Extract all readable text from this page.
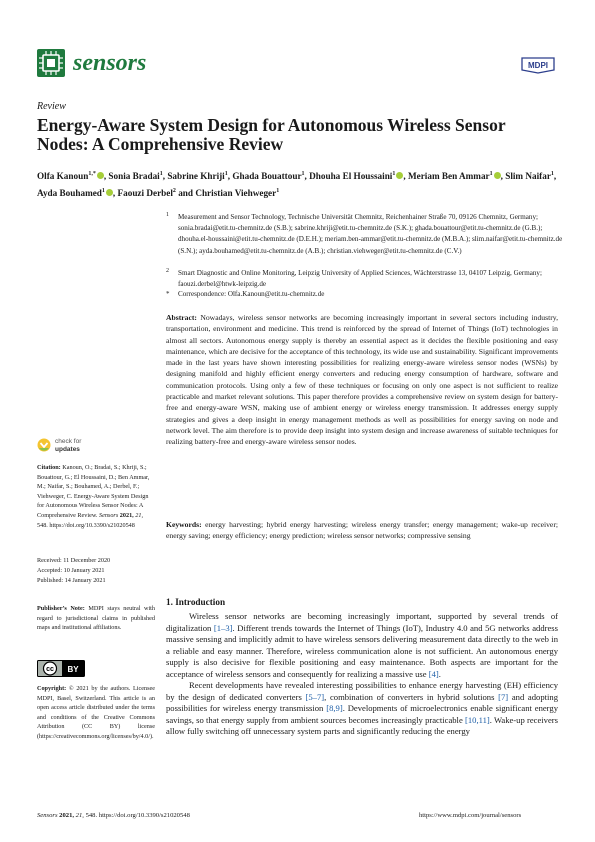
sensors	MDPI
Review
Energy-Aware System Design for Autonomous Wireless Sensor Nodes: A Comprehensive Review
Olfa Kanoun$^{1,*}$ , Sonia Bradai$^1$, Sabrine Khriji$^1$, Ghada Bouattour$^1$, Dhouha El Houssaini$^1$ , Meriam Ben Ammar$^1$ , Slim Naifar$^1$, Ayda Bouhamed$^1$ , Faouzi Derbel$^2$ and Christian Viehweger$^1$
1 Measurement and Sensor Technology, Technische Universität Chemnitz, Reichenhainer Straße 70, 09126 Chemnitz, Germany; sonia.bradai@etit.tu-chemnitz.de (S.B.); sabrine.khriji@etit.tu-chemnitz.de (S.K.); ghada.bouattour@etit.tu-chemnitz.de (G.B.); dhouha.el-houssaini@etit.tu-chemnitz.de (D.E.H.); meriam.ben-ammar@etit.tu-chemnitz.de (M.B.A.); slim.naifar@etit.tu-chemnitz.de (S.N.); ayda.bouhamed@etit.tu-chemnitz.de (A.B.); christian.viehweger@etit.tu-chemnitz.de (C.V.)
2 Smart Diagnostic and Online Monitoring, Leipzig University of Applied Sciences, Wächterstrasse 13, 04107 Leipzig, Germany; faouzi.derbel@htwk-leipzig.de
* Correspondence: Olfa.Kanoun@etit.tu-chemnitz.de
Abstract: Nowadays, wireless sensor networks are becoming increasingly important in several sectors including industry, transportation, environment and medicine. This trend is reinforced by the spread of Internet of Things (IoT) technologies in almost all sectors. Autonomous energy supply is thereby an essential aspect as it decides the flexible positioning and easy maintenance, which are decisive for the acceptance of this technology, its wide use and sustainability. Significant improvements made in the last years have shown interesting possibilities for realizing energy-aware wireless sensor nodes (WSNs) by designing manifold and highly efficient energy converters and reducing energy consumption of hardware, software and communication protocols. Using only a few of these techniques or focusing on only one aspect is not sufficient to realize practicable and market relevant solutions. This paper therefore provides a comprehensive review on system design for battery-free and energy-aware WSN, making use of ambient energy or wireless energy transmission. It addresses energy supply strategies and gives a deep insight in energy management methods as well as possibilities for energy saving on node and network level. The aim therefore is to provide deep insight into system design and increase awareness of suitable techniques for realizing battery-free and energy-aware wireless sensor nodes.
Keywords: energy harvesting; hybrid energy harvesting; wireless energy transfer; energy management; wake-up receiver; energy saving; energy efficiency; energy prediction; wireless sensor networks; compressive sensing
check for
updates
Citation: Kanoun, O.; Bradai, S.; Khriji, S.; Bouattour, G.; El Houssaini, D.; Ben Ammar, M.; Naifar, S.; Bouhamed, A.; Derbel, F.; Viehweger, C. Energy-Aware System Design for Autonomous Wireless Sensor Nodes: A Comprehensive Review. Sensors 2021, 21, 548. https://doi.org/10.3390/s21020548
Received: 11 December 2020
Accepted: 10 January 2021
Published: 14 January 2021
Publisher’s Note: MDPI stays neutral with regard to jurisdictional claims in published maps and institutional affiliations.
cc BY
Copyright: © 2021 by the authors. Licensee MDPI, Basel, Switzerland. This article is an open access article distributed under the terms and conditions of the Creative Commons Attribution (CC BY) license (https://creativecommons.org/licenses/by/4.0/).
1. Introduction

Wireless sensor networks are becoming increasingly important, supported by several trends of digitalization [1–3]. Different trends towards the Internet of Things (IoT), Industry 4.0 and 5G networks address massive sensing and implicitly admit to have wireless sensors delivering measurement data directly to the web in a reliable and easy manner. Therefore, wireless communication alone is not sufficient. An autonomous energy supply is also decisive for flexible positioning and easy maintenance. Both aspects are important for the acceptance of wireless sensors and consequently for realizing a massive use [4].

Recent developments have revealed interesting possibilities to enhance energy harvesting (EH) efficiency by the design of dedicated converters [5–7], combination of converters in hybrid solutions [7] and adopting possibilities for wireless energy transmission [8,9]. Developments of microelectronics enable significant energy savings, so that energy supply from ambient sources becomes increasingly practicable [10,11]. Wake-up receivers allow fully switching off unnecessary system parts and significantly reducing the energy

Sensors 2021, 21, 548. https://doi.org/10.3390/s21020548	https://www.mdpi.com/journal/sensors
